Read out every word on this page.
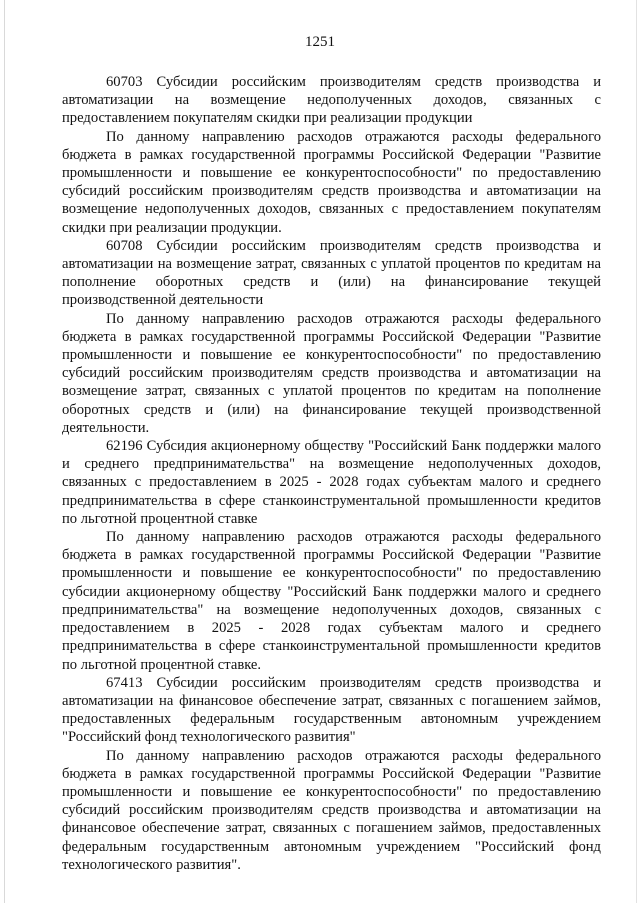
1251

60703 Субсидии российским производителям средств производства и автоматизации на возмещение недополученных доходов, связанных с предоставлением покупателям скидки при реализации продукции

По данному направлению расходов отражаются расходы федерального бюджета в рамках государственной программы Российской Федерации "Развитие промышленности и повышение ее конкурентоспособности" по предоставлению субсидий российским производителям средств производства и автоматизации на возмещение недополученных доходов, связанных с предоставлением покупателям скидки при реализации продукции.

60708 Субсидии российским производителям средств производства и автоматизации на возмещение затрат, связанных с уплатой процентов по кредитам на пополнение оборотных средств и (или) на финансирование текущей производственной деятельности

По данному направлению расходов отражаются расходы федерального бюджета в рамках государственной программы Российской Федерации "Развитие промышленности и повышение ее конкурентоспособности" по предоставлению субсидий российским производителям средств производства и автоматизации на возмещение затрат, связанных с уплатой процентов по кредитам на пополнение оборотных средств и (или) на финансирование текущей производственной деятельности.

62196 Субсидия акционерному обществу "Российский Банк поддержки малого и среднего предпринимательства" на возмещение недополученных доходов, связанных с предоставлением в 2025 - 2028 годах субъектам малого и среднего предпринимательства в сфере станкоинструментальной промышленности кредитов по льготной процентной ставке

По данному направлению расходов отражаются расходы федерального бюджета в рамках государственной программы Российской Федерации "Развитие промышленности и повышение ее конкурентоспособности" по предоставлению субсидии акционерному обществу "Российский Банк поддержки малого и среднего предпринимательства" на возмещение недополученных доходов, связанных с предоставлением в 2025 - 2028 годах субъектам малого и среднего предпринимательства в сфере станкоинструментальной промышленности кредитов по льготной процентной ставке.

67413 Субсидии российским производителям средств производства и автоматизации на финансовое обеспечение затрат, связанных с погашением займов, предоставленных федеральным государственным автономным учреждением "Российский фонд технологического развития"

По данному направлению расходов отражаются расходы федерального бюджета в рамках государственной программы Российской Федерации "Развитие промышленности и повышение ее конкурентоспособности" по предоставлению субсидий российским производителям средств производства и автоматизации на финансовое обеспечение затрат, связанных с погашением займов, предоставленных федеральным государственным автономным учреждением "Российский фонд технологического развития".
